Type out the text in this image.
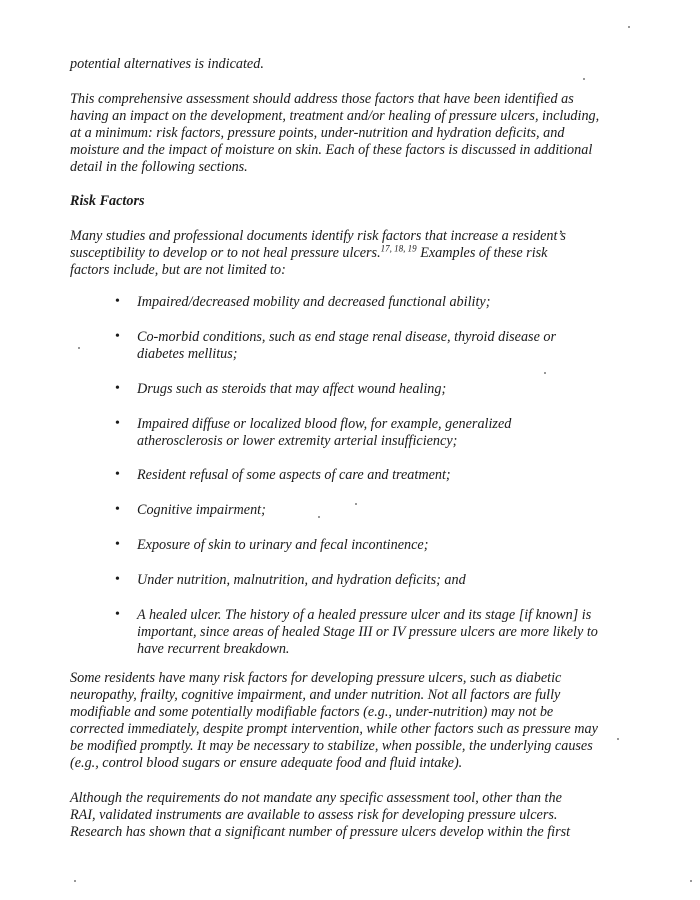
potential alternatives is indicated.

This comprehensive assessment should address those factors that have been identified as having an impact on the development, treatment and/or healing of pressure ulcers, including, at a minimum: risk factors, pressure points, under-nutrition and hydration deficits, and moisture and the impact of moisture on skin. Each of these factors is discussed in additional detail in the following sections.

Risk Factors

Many studies and professional documents identify risk factors that increase a resident’s susceptibility to develop or to not heal pressure ulcers.$^{17, 18, 19}$ Examples of these risk factors include, but are not limited to:

•	Impaired/decreased mobility and decreased functional ability;

•	Co-morbid conditions, such as end stage renal disease, thyroid disease or diabetes mellitus;

•	Drugs such as steroids that may affect wound healing;

•	Impaired diffuse or localized blood flow, for example, generalized atherosclerosis or lower extremity arterial insufficiency;

•	Resident refusal of some aspects of care and treatment;

•	Cognitive impairment;

•	Exposure of skin to urinary and fecal incontinence;

•	Under nutrition, malnutrition, and hydration deficits; and

•	A healed ulcer. The history of a healed pressure ulcer and its stage [if known] is important, since areas of healed Stage III or IV pressure ulcers are more likely to have recurrent breakdown.

Some residents have many risk factors for developing pressure ulcers, such as diabetic neuropathy, frailty, cognitive impairment, and under nutrition. Not all factors are fully modifiable and some potentially modifiable factors (e.g., under-nutrition) may not be corrected immediately, despite prompt intervention, while other factors such as pressure may be modified promptly. It may be necessary to stabilize, when possible, the underlying causes (e.g., control blood sugars or ensure adequate food and fluid intake).

Although the requirements do not mandate any specific assessment tool, other than the RAI, validated instruments are available to assess risk for developing pressure ulcers. Research has shown that a significant number of pressure ulcers develop within the first
